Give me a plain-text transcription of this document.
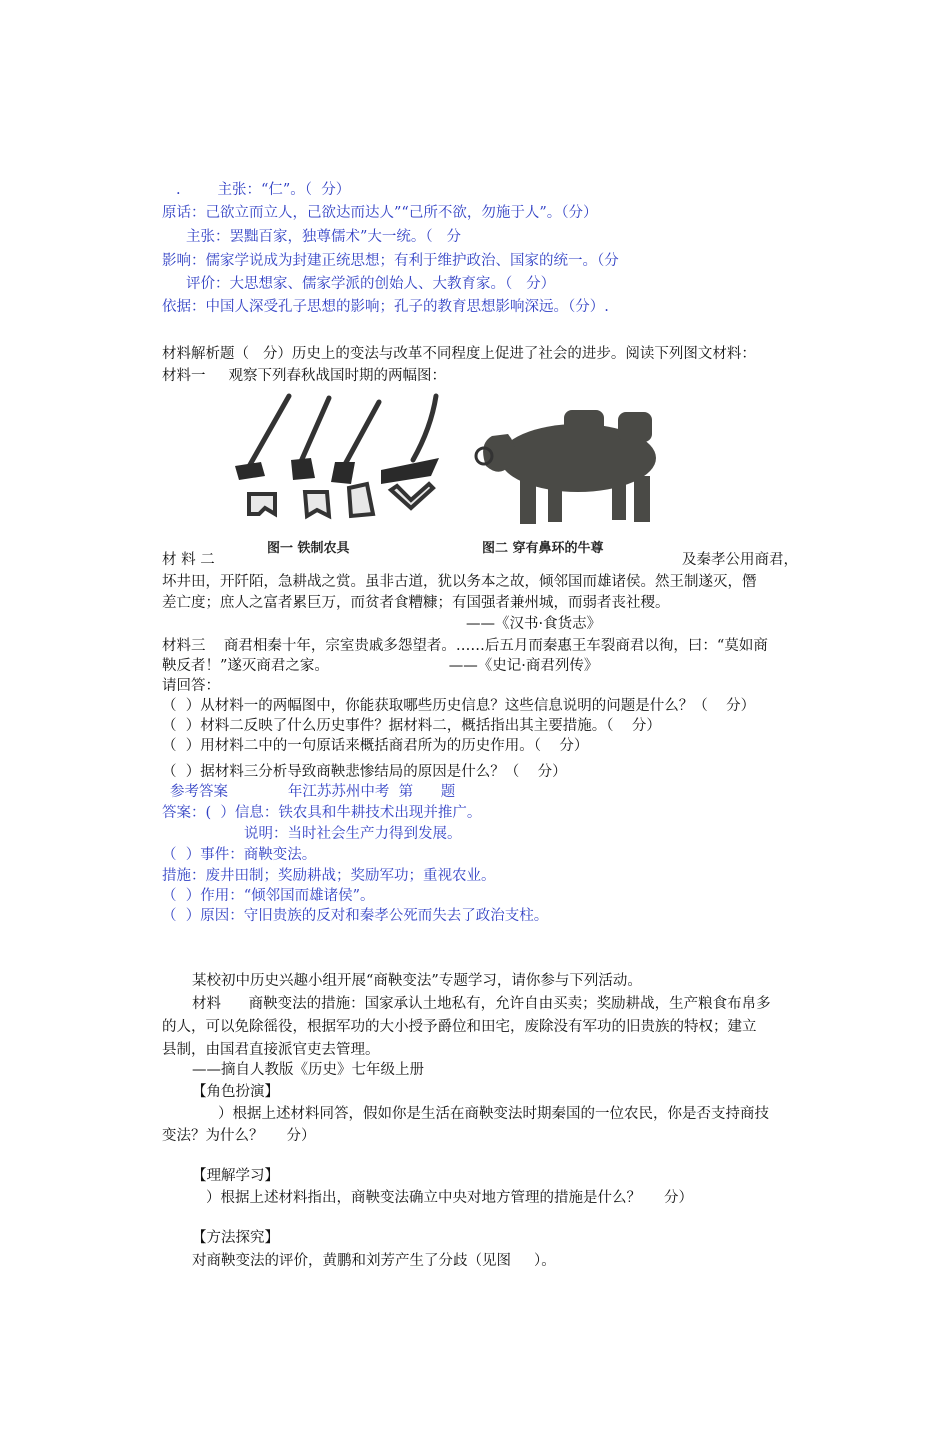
.        主张：“仁”。（  分）
原话：己欲立而立人，己欲达而达人”“己所不欲，勿施于人”。（分）
主张：罢黜百家，独尊儒术”大一统。（   分
影响：儒家学说成为封建正统思想；有利于维护政治、国家的统一。（分
评价：大思想家、儒家学派的创始人、大教育家。（   分）
依据：中国人深受孔子思想的影响；孔子的教育思想影响深远。（分）.
材料解析题（   分）历史上的变法与改革不同程度上促进了社会的进步。阅读下列图文材料：
材料一     观察下列春秋战国时期的两幅图：
图一 铁制农具	图二 穿有鼻环的牛尊
材 料 二	及秦孝公用商君，
坏井田，开阡陌，急耕战之赏。虽非古道，犹以务本之故，倾邻国而雄诸侯。然王制遂灭，僭
差亡度；庶人之富者累巨万，而贫者食糟糠；有国强者兼州城，而弱者丧社稷。
——《汉书·食货志》
材料三    商君相秦十年，宗室贵戚多怨望者。……后五月而秦惠王车裂商君以徇，曰：“莫如商
鞅反者！”遂灭商君之家。                          ——《史记·商君列传》
请回答：
（  ）从材料一的两幅图中，你能获取哪些历史信息？这些信息说明的问题是什么？（    分）
（  ）材料二反映了什么历史事件？据材料二，概括指出其主要措施。（    分）
（  ）用材料二中的一句原话来概括商君所为的历史作用。（    分）
（  ）据材料三分析导致商鞅悲惨结局的原因是什么？（    分）
参考答案             年江苏苏州中考  第      题
答案：(  ）信息：铁农具和牛耕技术出现并推广。
说明：当时社会生产力得到发展。
（  ）事件：商鞅变法。
措施：废井田制；奖励耕战；奖励军功；重视农业。
（  ）作用：“倾邻国而雄诸侯”。
（  ）原因：守旧贵族的反对和秦孝公死而失去了政治支柱。
某校初中历史兴趣小组开展“商鞅变法”专题学习，请你参与下列活动。
材料      商鞅变法的措施：国家承认土地私有，允许自由买卖；奖励耕战，生产粮食布帛多
的人，可以免除徭役，根据军功的大小授予爵位和田宅，废除没有军功的旧贵族的特权；建立
县制，由国君直接派官吏去管理。
——摘自人教版《历史》七年级上册
【角色扮演】
）根据上述材料同答，假如你是生活在商鞅变法时期秦国的一位农民，你是否支持商技
变法？为什么？     分）
【理解学习】
）根据上述材料指出，商鞅变法确立中央对地方管理的措施是什么？     分）
【方法探究】
对商鞅变法的评价，黄鹏和刘芳产生了分歧（见图     ）。
